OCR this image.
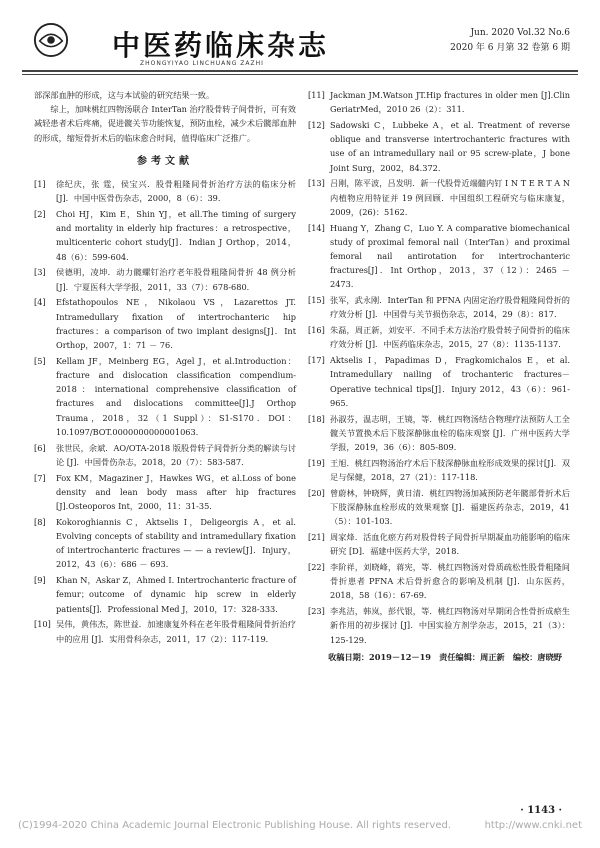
中医药临床杂志
ZHONGYIYAO LINCHUANG ZAZHI
Jun. 2020 Vol.32 No.6
2020 年 6 月第 32 卷第 6 期

部深部血肿的形成，这与本试验的研究结果一致。

综上，加味桃红四物汤联合 InterTan 治疗股骨转子间骨折，可有效减轻患者术后疼痛，促进髋关节功能恢复，预防血栓，减少术后髋部血肿的形成，缩短骨折术后的临床愈合时间，值得临床广泛推广。

参考文献
[1]	徐纪庆，张 霆，侯宝兴．股骨粗隆间骨折治疗方法的临床分析[J]．中国中医骨伤杂志，2000，8（6）：39．
[2]	Choi HJ，Kim E，Shin YJ，et all.The timing of surgery and mortality in elderly hip fractures：a retrospective，multicenteric cohort study[J]．Indian J Orthop，2014，48（6）：599-604．
[3]	侯德明，凌坤．动力髋螺钉治疗老年股骨粗隆间骨折 48 例分析 [J]．宁夏医科大学学报，2011，33（7）：678-680．
[4]	Efstathopoulos NE，Nikolaou VS，Lazarettos JT. Intramedullary fixation of intertrochanteric hip fractures：a comparison of two implant designs[J]．Int Orthop，2007，1：71 － 76．
[5]	Kellam JF，Meinberg EG，Agel J，et al.Introduction：fracture and dislocation classification compendium-2018：international comprehensive classification of fractures and dislocations committee[J].J Orthop Trauma，2018，32（1 Suppl）：S1-S170．DOI：10.1097/BOT.0000000000001063．
[6]	张世民，余斌．AO/OTA-2018 版股骨转子间骨折分类的解读与讨论 [J]．中国骨伤杂志，2018，20（7）：583-587．
[7]	Fox KM，Magaziner J，Hawkes WG，et al.Loss of bone density and lean body mass after hip fractures [J].Osteoporos Int，2000，11：31-35．
[8]	Kokoroghiannis C，Aktselis I，Deligeorgis A，et al. Evolving concepts of stability and intramedullary fixation of intertrochanteric fractures — — a review[J]．Injury，2012，43（6）：686 － 693．
[9]	Khan N，Askar Z，Ahmed I. Intertrochanteric fracture of femur；outcome of dynamic hip screw in elderly patients[J]．Professional Med J，2010，17：328-333．
[10] 吴伟，黄伟杰，陈世益．加速康复外科在老年股骨粗隆间骨折治疗中的应用 [J]．实用骨科杂志，2011，17（2）：117-119．
[11] Jackman JM.Watson JT.Hip fractures in older men [J].Clin GeriatrMed，2010 26（2）：311．
[12] Sadowski C，Lubbeke A，et al. Treatment of reverse oblique and transverse intertrochanteric fractures with use of an intramedullary nail or 95 screw-plate，J bone Joint Surg，2002，84.372．
[13] 吕刚，陈平波，吕发明．新一代股骨近端髓内钉 I N T E R T A N 内植物应用特征并 19 例回顾．中国组织工程研究与临床康复，2009，(26)：5162．
[14] Huang Y，Zhang C，Luo Y. A comparative biomechanical study of proximal femoral nail（InterTan）and proximal femoral nail antirotation for intertrochanteric fractures[J]．Int Orthop，2013，37（12）：2465 － 2473．
[15] 张军，武永刚．InterTan 和 PFNA 内固定治疗股骨粗隆间骨折的疗效分析 [J]．中国骨与关节损伤杂志，2014，29（8）：817．
[16] 朱磊，周正新，刘安平．不同手术方法治疗股骨转子间骨折的临床疗效分析 [J]．中医药临床杂志，2015，27（8）：1135-1137．
[17] Aktselis I，Papadimas D，Fragkomichalos E，et al. Intramedullary nailing of trochanteric fractures－ Operative technical tips[J]．Injury 2012，43（6）：961-965．
[18] 孙淑芬，温志明，王镜，等．桃红四物汤结合物理疗法预防人工全髋关节置换术后下肢深静脉血栓的临床观察 [J]．广州中医药大学学报，2019，36（6）：805-809．
[19] 王旭．桃红四物汤治疗术后下肢深静脉血栓形成效果的探讨[J]．双足与保健，2018，27（21）：117-118．
[20] 曾蔚林，钟晓辉，黄日清．桃红四物汤加减预防老年髋部骨折术后下肢深静脉血栓形成的效果观察 [J]．福建医药杂志，2019，41（5）：101-103．
[21] 周家烽．活血化瘀方药对股骨转子间骨折早期凝血功能影响的临床研究 [D]．福建中医药大学，2018．
[22] 李阶祥，刘晓峰，蒋宪，等．桃红四物汤对骨质疏松性股骨粗隆间骨折患者 PFNA 术后骨折愈合的影响及机制 [J]．山东医药，2018，58（16）：67-69．
[23] 李兆洁，韩岚，彭代银，等．桃红四物汤对早期闭合性骨折成瘀生新作用的初步探讨 [J]．中国实验方剂学杂志，2015，21（3）：125-129．
收稿日期：2019－12－19　责任编辑：周正新　编校：唐晓野
· 1143 ·
(C)1994-2020 China Academic Journal Electronic Publishing House. All rights reserved.	http://www.cnki.net
